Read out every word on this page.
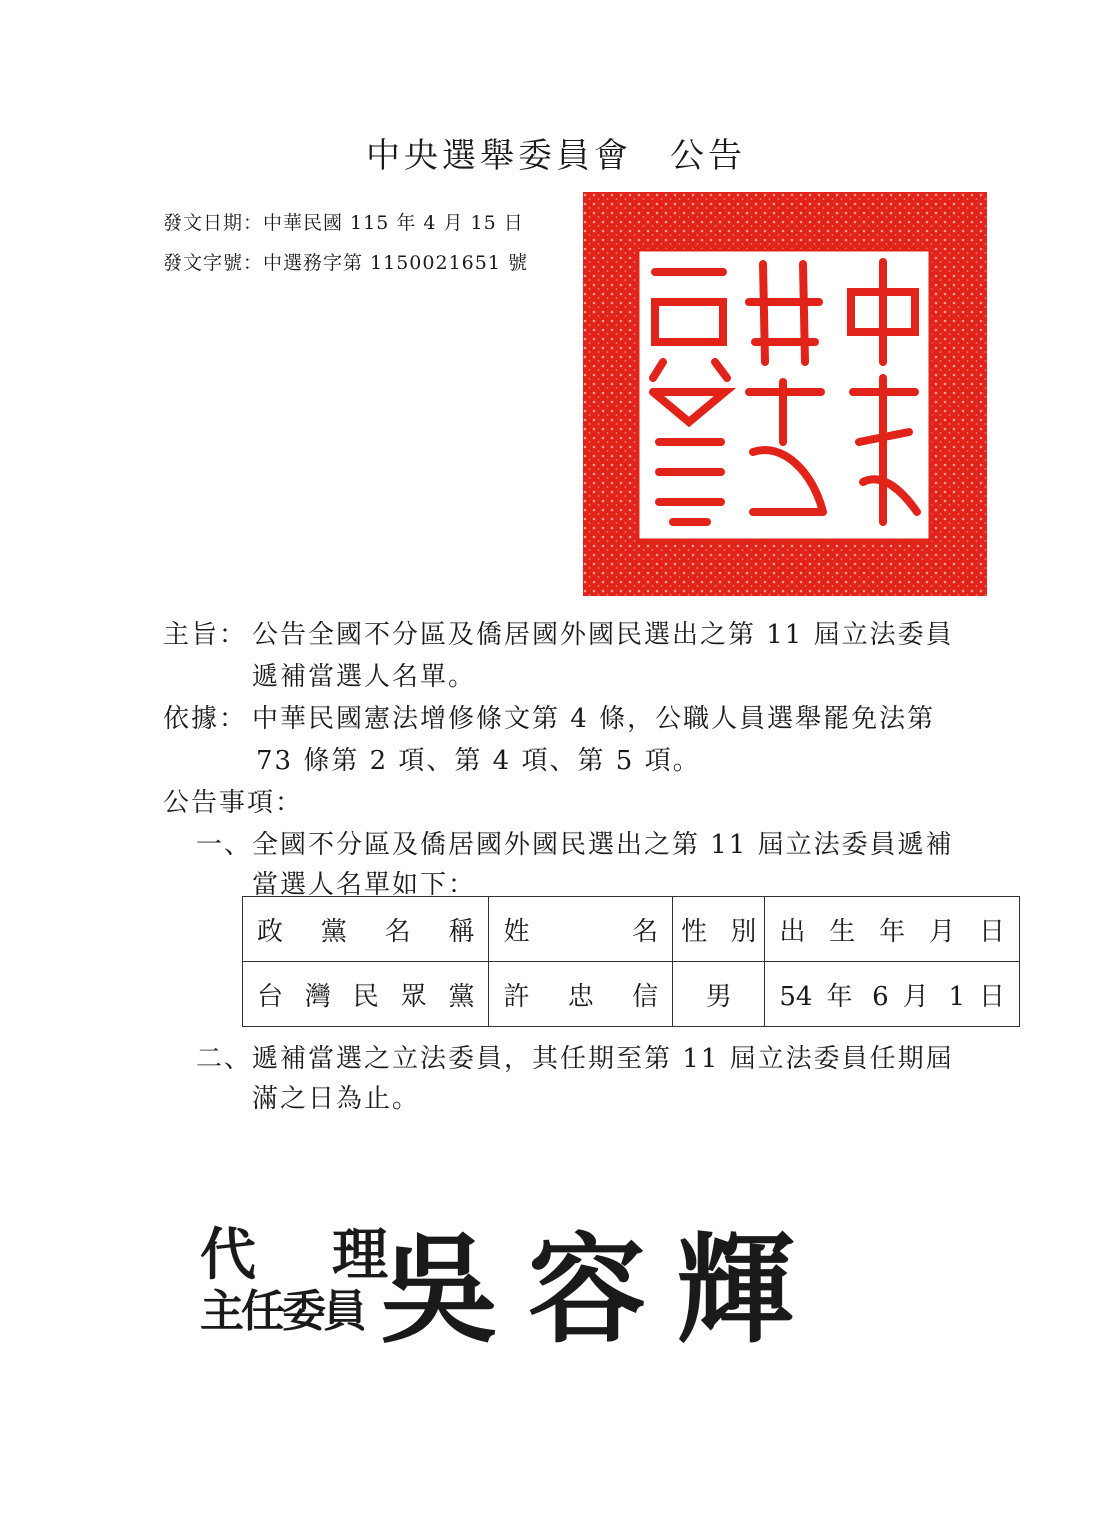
中央選舉委員會　公告
發文日期：中華民國 115 年 4 月 15 日
發文字號：中選務字第 1150021651 號
主旨： 公告全國不分區及僑居國外國民選出之第 11 屆立法委員
遞補當選人名單。
依據： 中華民國憲法增修條文第 4 條，公職人員選舉罷免法第
73 條第 2 項、第 4 項、第 5 項。
公告事項：
一、全國不分區及僑居國外國民選出之第 11 屆立法委員遞補
當選人名單如下：
政黨名稱	姓名	性別	出生年月日
台灣民眾黨	許忠信	男	54 年 6 月 1 日
二、遞補當選之立法委員，其任期至第 11 屆立法委員任期屆
滿之日為止。
代　理
主任委員 吳容輝
